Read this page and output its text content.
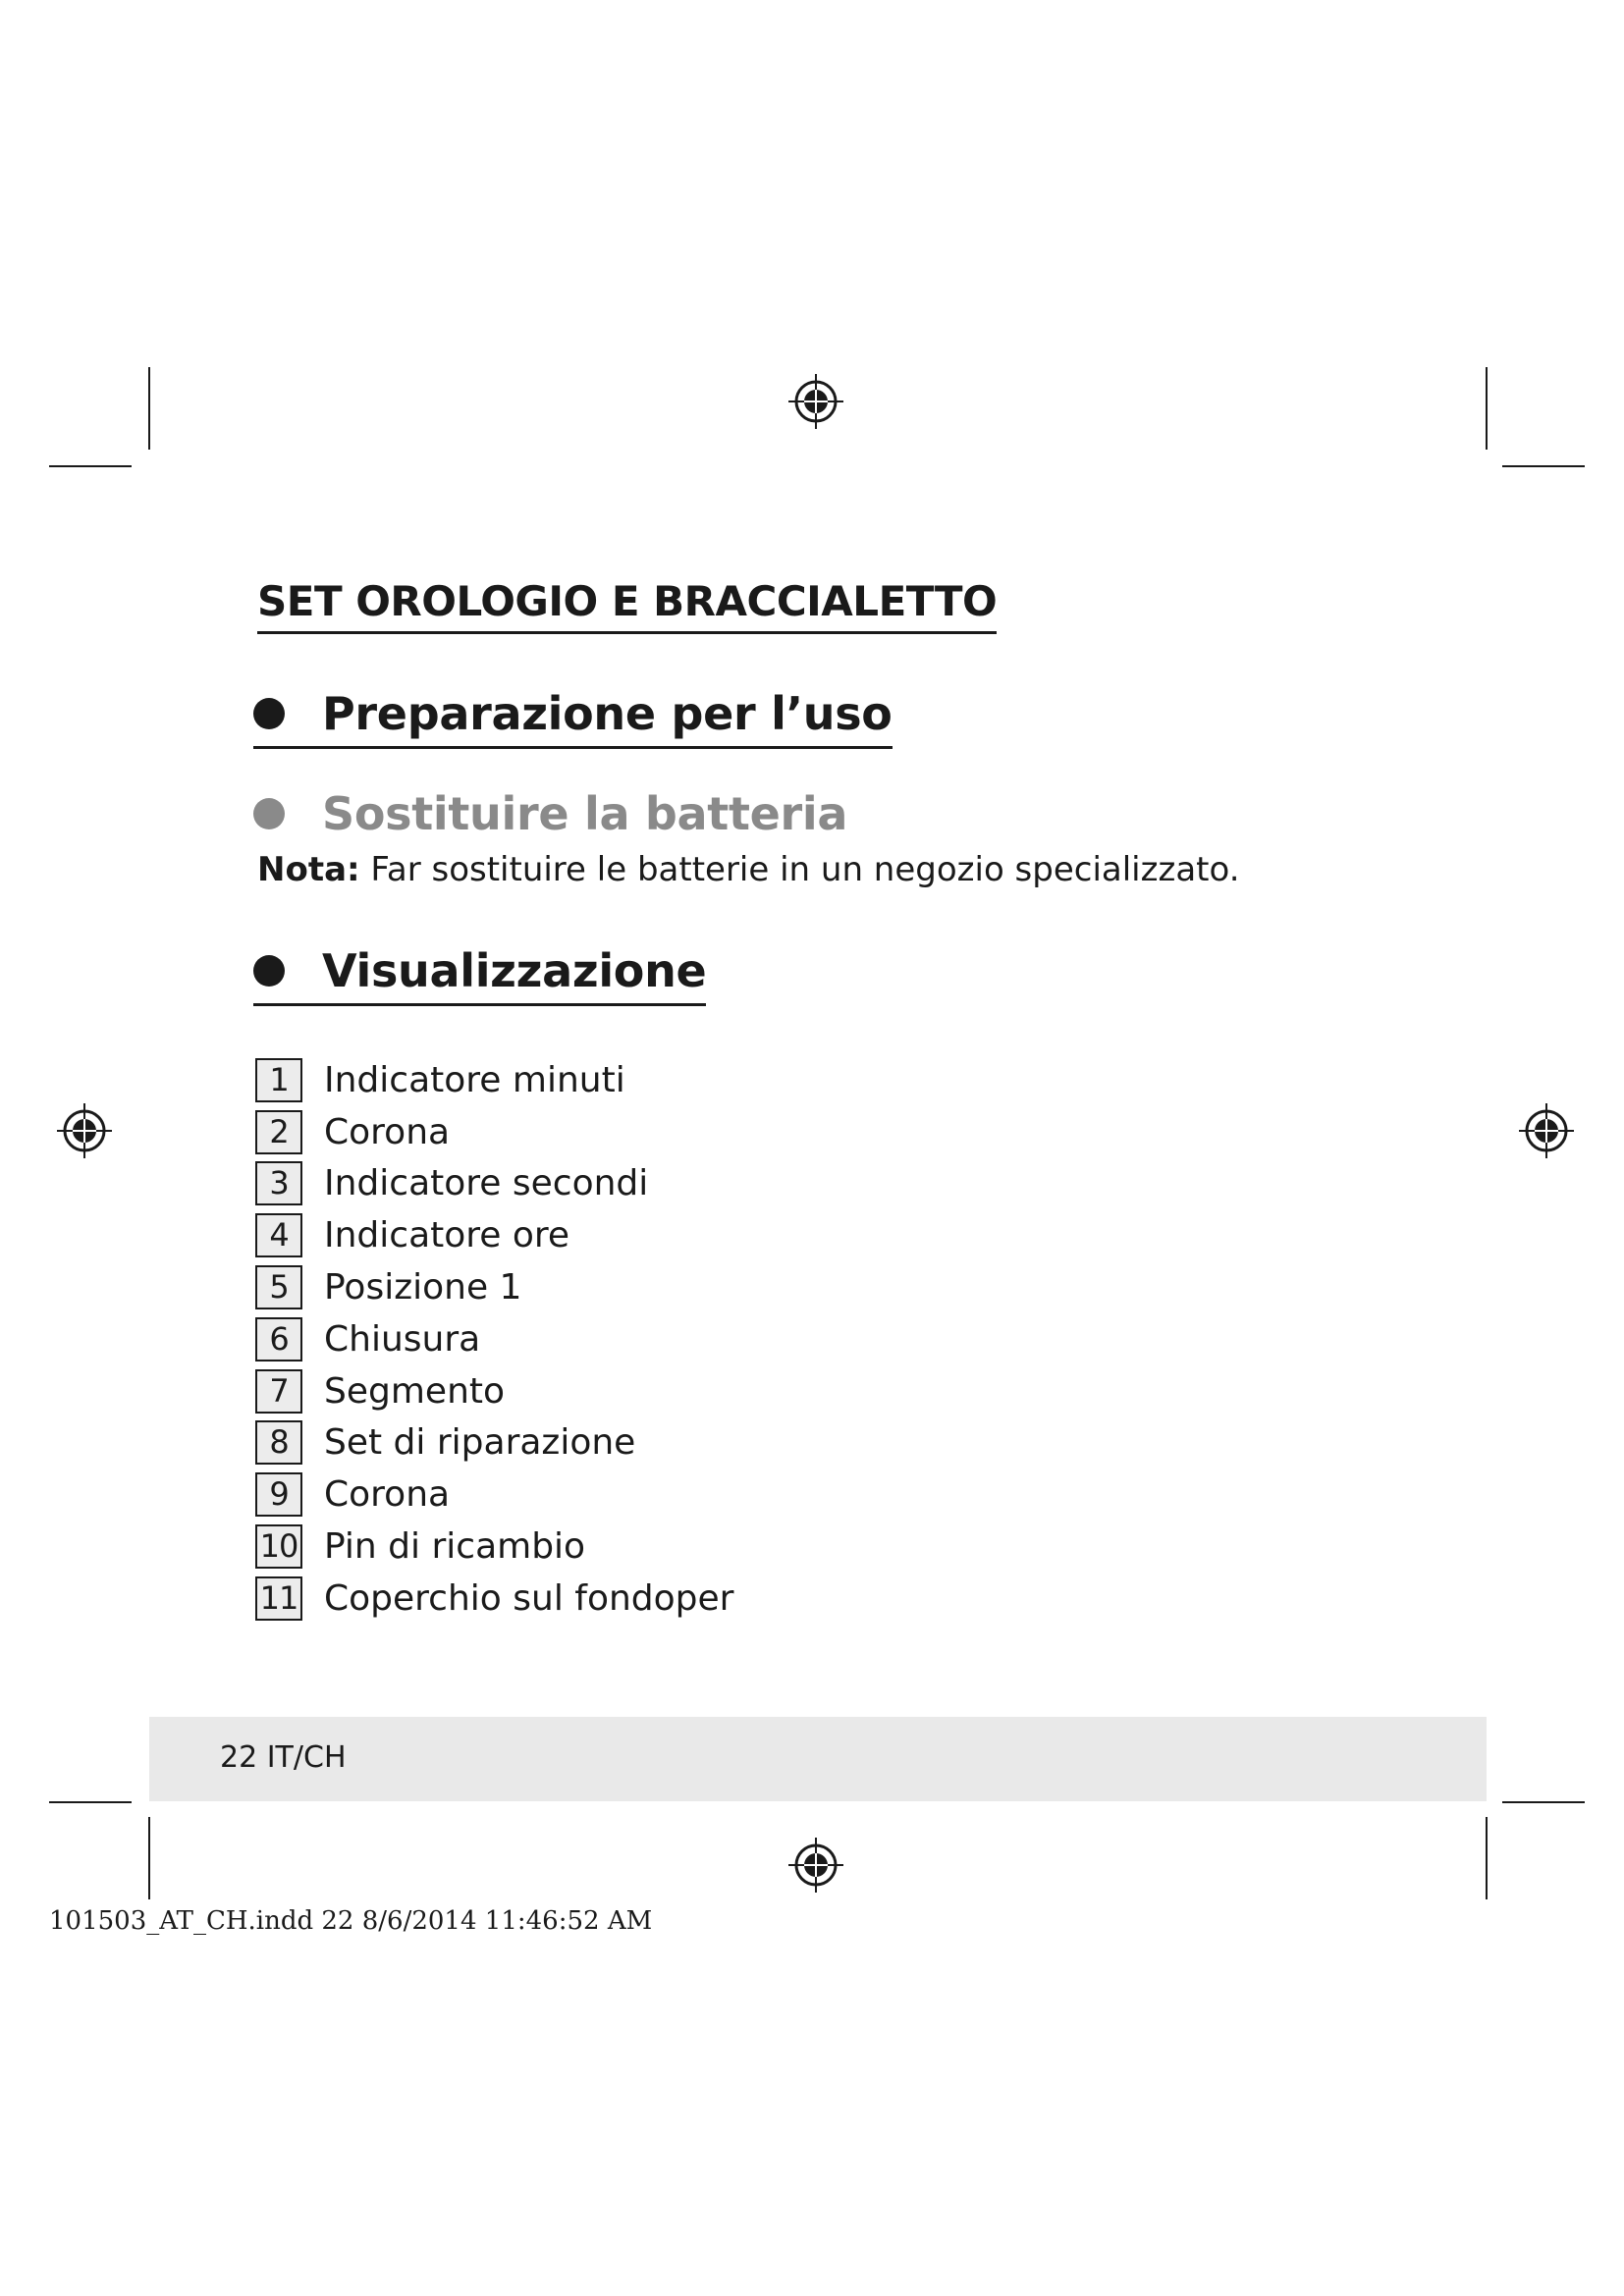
SET OROLOGIO E BRACCIALETTO
Preparazione per l’uso
Sostituire la batteria
Nota: Far sostituire le batterie in un negozio specializzato.
Visualizzazione
1	Indicatore minuti
2	Corona
3	Indicatore secondi
4	Indicatore ore
5	Posizione 1
6	Chiusura
7	Segmento
8	Set di riparazione
9	Corona
10 Pin di ricambio
11 Coperchio sul fondoper
22 IT/CH
101503_AT_CH.indd 22 8/6/2014 11:46:52 AM
